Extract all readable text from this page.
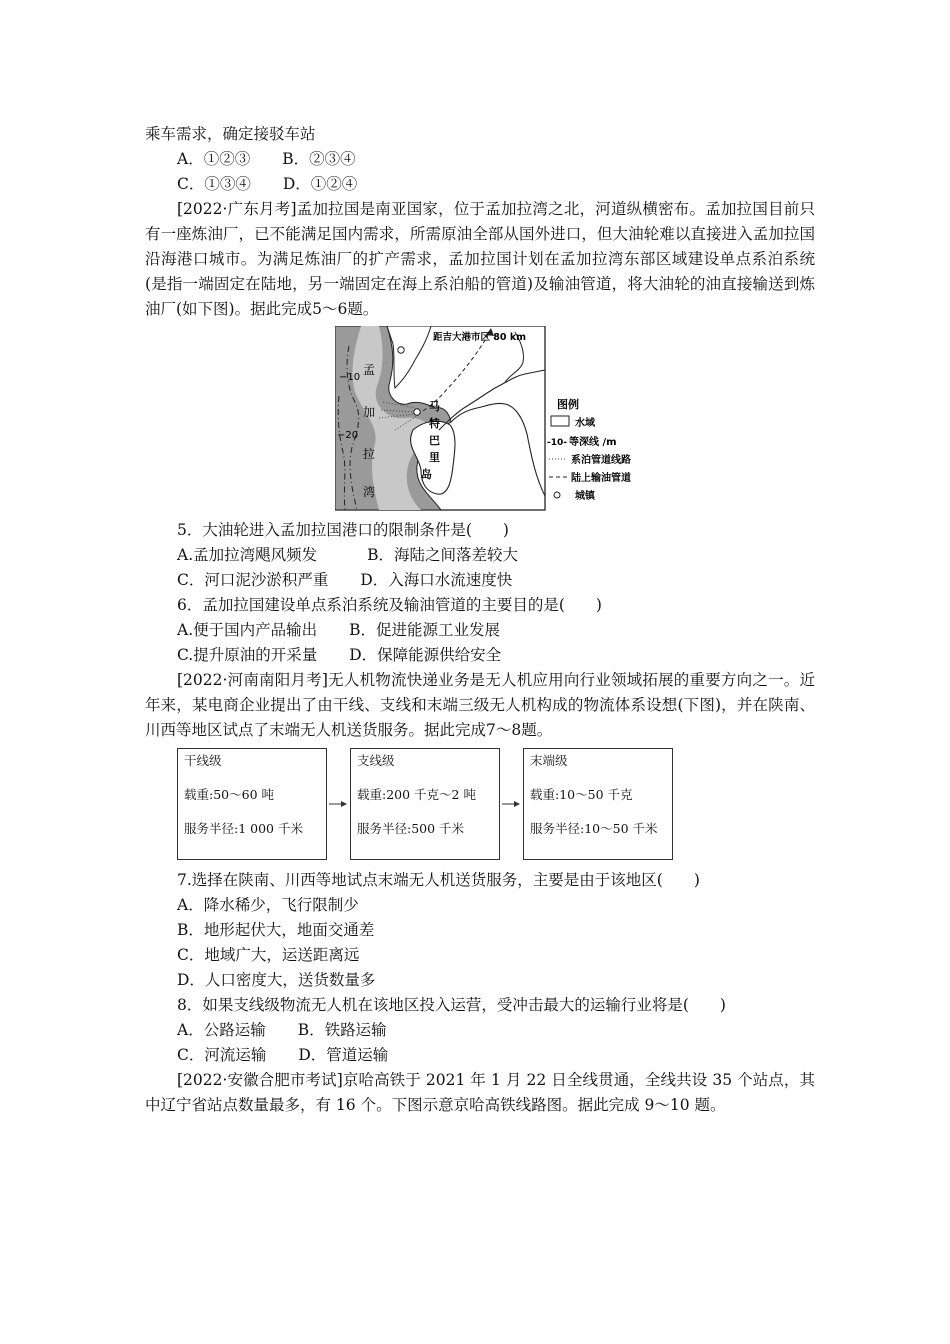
乘车需求，确定接驳车站
A．①②③ B．②③④
C．①③④ D．①②④
[2022·广东月考]孟加拉国是南亚国家，位于孟加拉湾之北，河道纵横密布。孟加拉国目前只有一座炼油厂，已不能满足国内需求，所需原油全部从国外进口，但大油轮难以直接进入孟加拉国沿海港口城市。为满足炼油厂的扩产需求，孟加拉国计划在孟加拉湾东部区域建设单点系泊系统(是指一端固定在陆地，另一端固定在海上系泊船的管道)及输油管道，将大油轮的油直接输送到炼油厂(如下图)。据此完成5～6题。
距吉大港市区 80 km
−10
−20
孟
加
拉
湾
马
特
巴
里
岛
图例
水域
-10- 等深线 /m
系泊管道线路
陆上输油管道
城镇
5．大油轮进入孟加拉国港口的限制条件是(　　)
A.孟加拉湾飓风频发	B．海陆之间落差较大
C．河口泥沙淤积严重 D．入海口水流速度快
6．孟加拉国建设单点系泊系统及输油管道的主要目的是(　　)
A.便于国内产品输出 B．促进能源工业发展
C.提升原油的开采量 D．保障能源供给安全
[2022·河南南阳月考]无人机物流快递业务是无人机应用向行业领域拓展的重要方向之一。近年来，某电商企业提出了由干线、支线和末端三级无人机构成的物流体系设想(下图)，并在陕南、川西等地区试点了末端无人机送货服务。据此完成7～8题。
干线级
载重:50～60 吨
服务半径:1 000 千米
支线级
载重:200 千克～2 吨
服务半径:500 千米
末端级
载重:10～50 千克
服务半径:10～50 千米
7.选择在陕南、川西等地试点末端无人机送货服务，主要是由于该地区(　　)
A．降水稀少，飞行限制少
B．地形起伏大，地面交通差
C．地域广大，运送距离远
D．人口密度大，送货数量多
8．如果支线级物流无人机在该地区投入运营，受冲击最大的运输行业将是(　　)
A．公路运输 B．铁路运输
C．河流运输 D．管道运输
[2022·安徽合肥市考试]京哈高铁于 2021 年 1 月 22 日全线贯通，全线共设 35 个站点，其中辽宁省站点数量最多，有 16 个。下图示意京哈高铁线路图。据此完成 9～10 题。
